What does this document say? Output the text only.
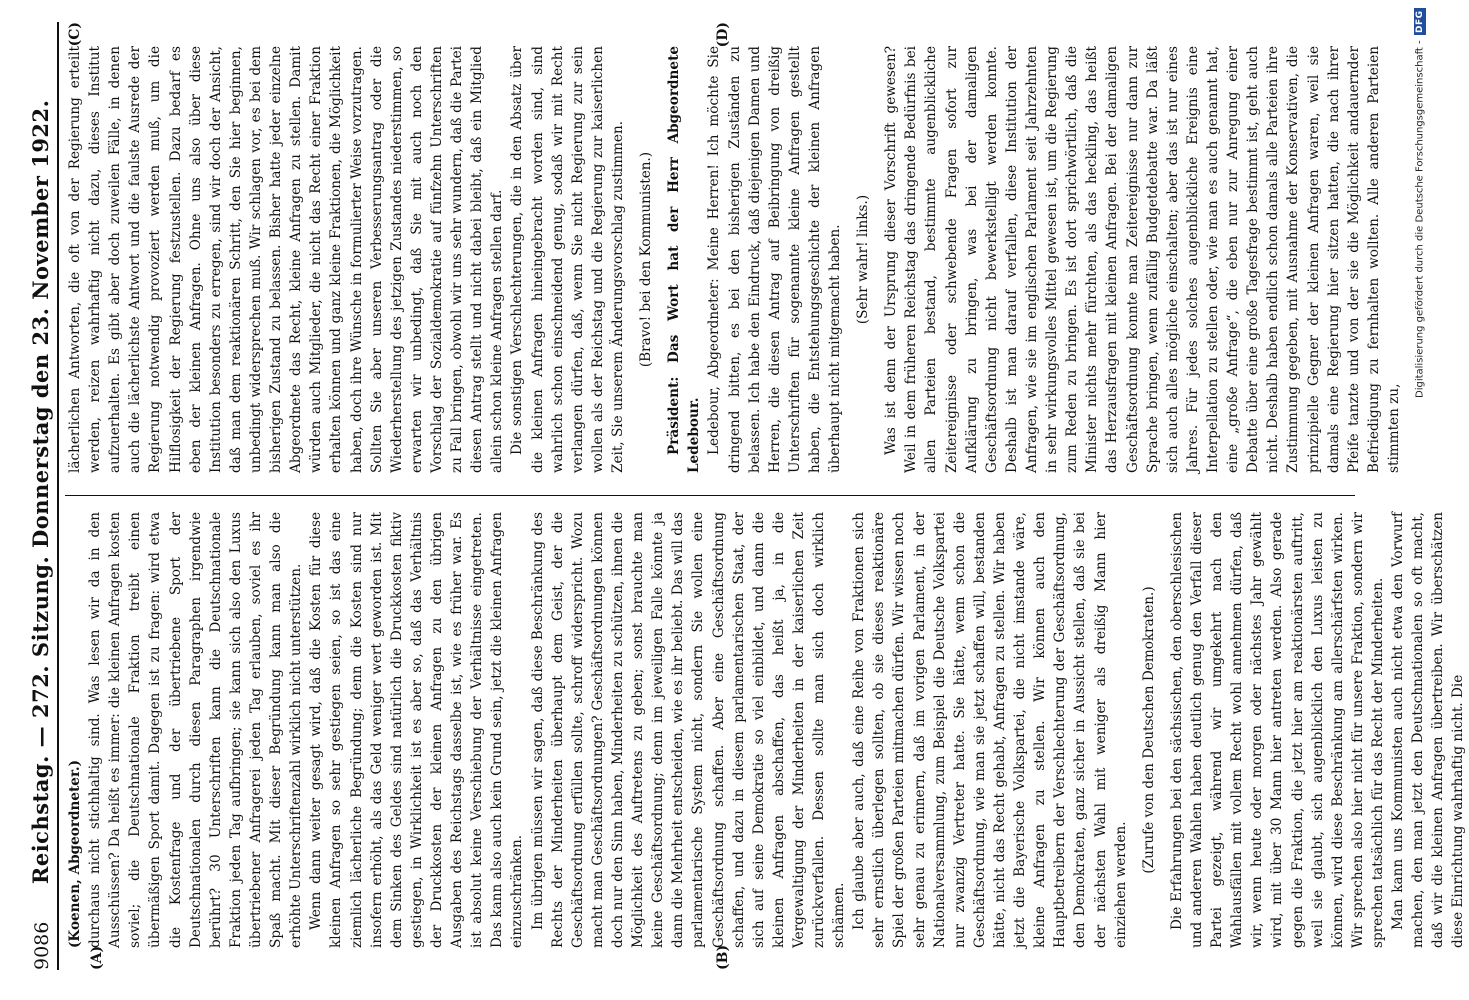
9086
Reichstag. — 272. Sitzung. Donnerstag den 23. November 1922.
(A)	(B)

(Koenen, Abgeordneter.) durchaus nicht stichhaltig sind. Was lesen wir da in den Ausschüssen? Da heißt es immer: die kleinen Anfragen kosten soviel; die Deutschnationale Fraktion treibt einen übermäßigen Sport damit. Dagegen ist zu fragen: wird etwa die Kostenfrage und der übertriebene Sport der Deutschnationalen durch diesen Paragraphen irgendwie berührt? 30 Unterschriften kann die Deutschnationale Fraktion jeden Tag aufbringen; sie kann sich also den Luxus übertriebener Anfragerei jeden Tag erlauben, soviel es ihr Spaß macht. Mit dieser Begründung kann man also die erhöhte Unterschriftenzahl wirklich nicht unterstützen. Wenn dann weiter gesagt wird, daß die Kosten für diese kleinen Anfragen so sehr gestiegen seien, so ist das eine ziemlich lächerliche Begründung; denn die Kosten sind nur insofern erhöht, als das Geld weniger wert geworden ist. Mit dem Sinken des Geldes sind natürlich die Druckkosten fiktiv gestiegen, in Wirklichkeit ist es aber so, daß das Verhältnis der Druckkosten der kleinen Anfragen zu den übrigen Ausgaben des Reichstags dasselbe ist, wie es früher war. Es ist absolut keine Verschiebung der Verhältnisse eingetreten. Das kann also auch kein Grund sein, jetzt die kleinen Anfragen einzuschränken. Im übrigen müssen wir sagen, daß diese Beschränkung des Rechts der Minderheiten überhaupt dem Geist, der die Geschäftsordnung erfüllen sollte, schroff widerspricht. Wozu macht man Geschäftsordnungen? Geschäftsordnungen können doch nur den Sinn haben, Minderheiten zu schützen, ihnen die Möglichkeit des Auftretens zu geben; sonst brauchte man keine Geschäftsordnung; denn im jeweiligen Falle könnte ja dann die Mehrheit entscheiden, wie es ihr beliebt. Das will das parlamentarische System nicht, sondern Sie wollen eine Geschäftsordnung schaffen. Aber eine Geschäftsordnung schaffen, und dazu in diesem parlamentarischen Staat, der sich auf seine Demokratie so viel einbildet, und dann die kleinen Anfragen abschaffen, das heißt ja, in die Vergewaltigung der Minderheiten in der kaiserlichen Zeit zurückverfallen. Dessen sollte man sich doch wirklich schämen. Ich glaube aber auch, daß eine Reihe von Fraktionen sich sehr ernstlich überlegen sollten, ob sie dieses reaktionäre Spiel der großen Parteien mitmachen dürfen. Wir wissen noch sehr genau zu erinnern, daß im vorigen Parlament, in der Nationalversammlung, zum Beispiel die Deutsche Volkspartei nur zwanzig Vertreter hatte. Sie hätte, wenn schon die Geschäftsordnung, wie man sie jetzt schaffen will, bestanden hätte, nicht das Recht gehabt, Anfragen zu stellen. Wir haben jetzt die Bayerische Volkspartei, die nicht imstande wäre, kleine Anfragen zu stellen. Wir können auch den Hauptbetreibern der Verschlechterung der Geschäftsordnung, den Demokraten, ganz sicher in Aussicht stellen, daß sie bei der nächsten Wahl mit weniger als dreißig Mann hier einziehen werden.

(Zurufe von den Deutschen Demokraten.) Die Erfahrungen bei den sächsischen, den oberschlesischen und anderen Wahlen haben deutlich genug den Verfall dieser Partei gezeigt, während wir umgekehrt nach den Wahlausfällen mit vollem Recht wohl annehmen dürfen, daß wir, wenn heute oder morgen oder nächstes Jahr gewählt wird, mit über 30 Mann hier antreten werden. Also gerade gegen die Fraktion, die jetzt hier am reaktionärsten auftritt, weil sie glaubt, sich augenblicklich den Luxus leisten zu können, wird diese Beschränkung am allerschärfsten wirken. Wir sprechen also hier nicht für unsere Fraktion, sondern wir sprechen tatsächlich für das Recht der Minderheiten. Man kann uns Kommunisten auch nicht etwa den Vorwurf machen, den man jetzt den Deutschnationalen so oft macht, daß wir die kleinen Anfragen übertreiben. Wir überschätzen diese Einrichtung wahrhaftig nicht. Die

(C)	(D)

lächerlichen Antworten, die oft von der Regierung erteilt werden, reizen wahrhaftig nicht dazu, dieses Institut aufzuerhalten. Es gibt aber doch zuweilen Fälle, in denen auch die lächerlichste Antwort und die faulste Ausrede der Regierung notwendig provoziert werden muß, um die Hilflosigkeit der Regierung festzustellen. Dazu bedarf es eben der kleinen Anfragen. Ohne uns also über diese Institution besonders zu erregen, sind wir doch der Ansicht, daß man dem reaktionären Schritt, den Sie hier beginnen, unbedingt widersprechen muß. Wir schlagen vor, es bei dem bisherigen Zustand zu belassen. Bisher hatte jeder einzelne Abgeordnete das Recht, kleine Anfragen zu stellen. Damit würden auch Mitglieder, die nicht das Recht einer Fraktion erhalten können und ganz kleine Fraktionen, die Möglichkeit haben, doch ihre Wünsche in formulierter Weise vorzutragen. Sollten Sie aber unseren Verbesserungsantrag oder die Wiederherstellung des jetzigen Zustandes niederstimmen, so erwarten wir unbedingt, daß Sie mit auch noch den Vorschlag der Sozialdemokratie auf fünfzehn Unterschriften zu Fall bringen, obwohl wir uns sehr wundern, daß die Partei diesen Antrag stellt und nicht dabei bleibt, daß ein Mitglied allein schon kleine Anfragen stellen darf. Die sonstigen Verschlechterungen, die in den Absatz über die kleinen Anfragen hineingebracht worden sind, sind wahrlich schon einschneidend genug, sodaß wir mit Recht verlangen dürfen, daß, wenn Sie nicht Regierung zur sein wollen als der Reichstag und die Regierung zur kaiserlichen Zeit, Sie unserem Änderungsvorschlag zustimmen. (Bravo! bei den Kommunisten.) Präsident: Das Wort hat der Herr Abgeordnete Ledebour. Ledebour, Abgeordneter: Meine Herren! Ich möchte Sie dringend bitten, es bei den bisherigen Zuständen zu belassen. Ich habe den Eindruck, daß diejenigen Damen und Herren, die diesen Antrag auf Beibringung von dreißig Unterschriften für sogenannte kleine Anfragen gestellt haben, die Entstehungsgeschichte der kleinen Anfragen überhaupt nicht mitgemacht haben. (Sehr wahr! links.) Was ist denn der Ursprung dieser Vorschrift gewesen? Weil in dem früheren Reichstag das dringende Bedürfnis bei allen Parteien bestand, bestimmte augenblickliche Zeitereignisse oder schwebende Fragen sofort zur Aufklärung zu bringen, was bei der damaligen Geschäftsordnung nicht bewerkstelligt werden konnte. Deshalb ist man darauf verfallen, diese Institution der Anfragen, wie sie im englischen Parlament seit Jahrzehnten in sehr wirkungsvolles Mittel gewesen ist, um die Regierung zum Reden zu bringen. Es ist dort sprichwörtlich, daß die Minister nichts mehr fürchten, als das heckling, das heißt das Herzausfragen mit kleinen Anfragen. Bei der damaligen Geschäftsordnung konnte man Zeitereignisse nur dann zur Sprache bringen, wenn zufällig Budgetdebatte war. Da läßt sich auch alles mögliche einschalten; aber das ist nur eines Jahres. Für jedes solches augenblickliche Ereignis eine Interpellation zu stellen oder, wie man es auch genannt hat, eine „große Anfrage“, die eben nur zur Anregung einer Debatte über eine große Tagesfrage bestimmt ist, geht auch nicht. Deshalb haben endlich schon damals alle Parteien ihre Zustimmung gegeben, mit Ausnahme der Konservativen, die prinzipielle Gegner der kleinen Anfragen waren, weil sie damals eine Regierung hier sitzen hatten, die nach ihrer Pfeife tanzte und von der sie die Möglichkeit andauernder Befriedigung zu fernhalten wollten. Alle anderen Parteien stimmten zu,

Digitalisierung gefördert durch die Deutsche Forschungsgemeinschaft -
DFG
